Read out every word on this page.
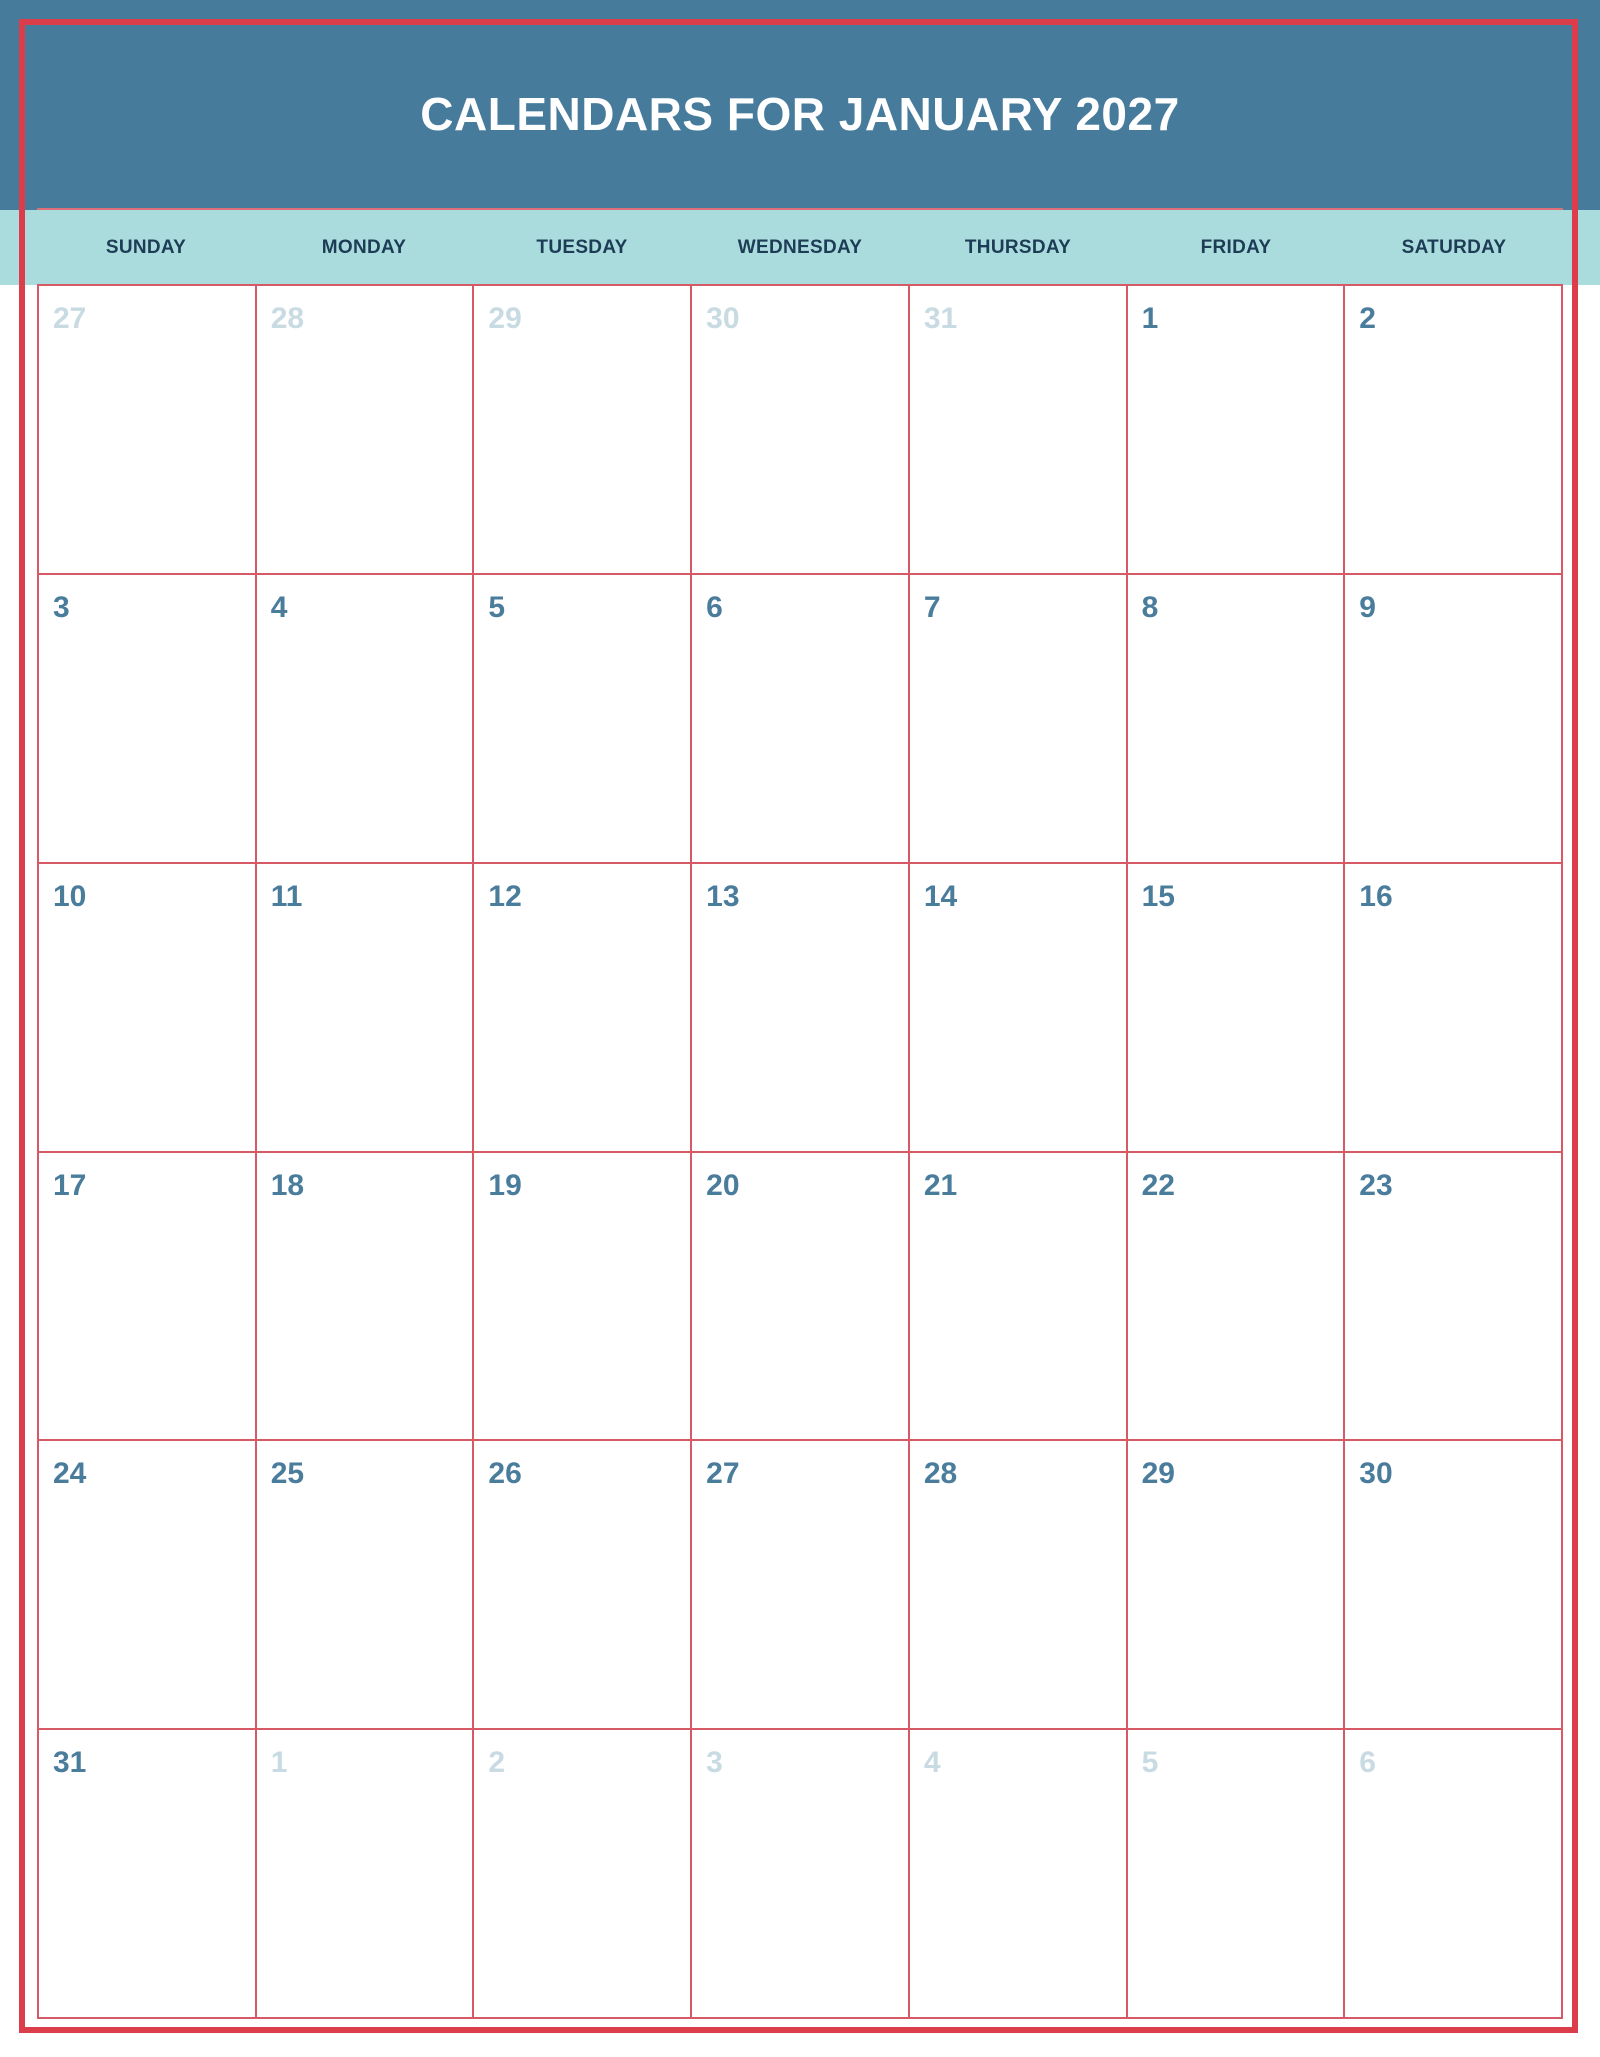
CALENDARS FOR JANUARY 2027
SUNDAY	MONDAY	TUESDAY	WEDNESDAY	THURSDAY	FRIDAY	SATURDAY
27	28	29	30	31	1	2
3	4	5	6	7	8	9
10	11	12	13	14	15	16
17	18	19	20	21	22	23
24	25	26	27	28	29	30
31	1	2	3	4	5	6
